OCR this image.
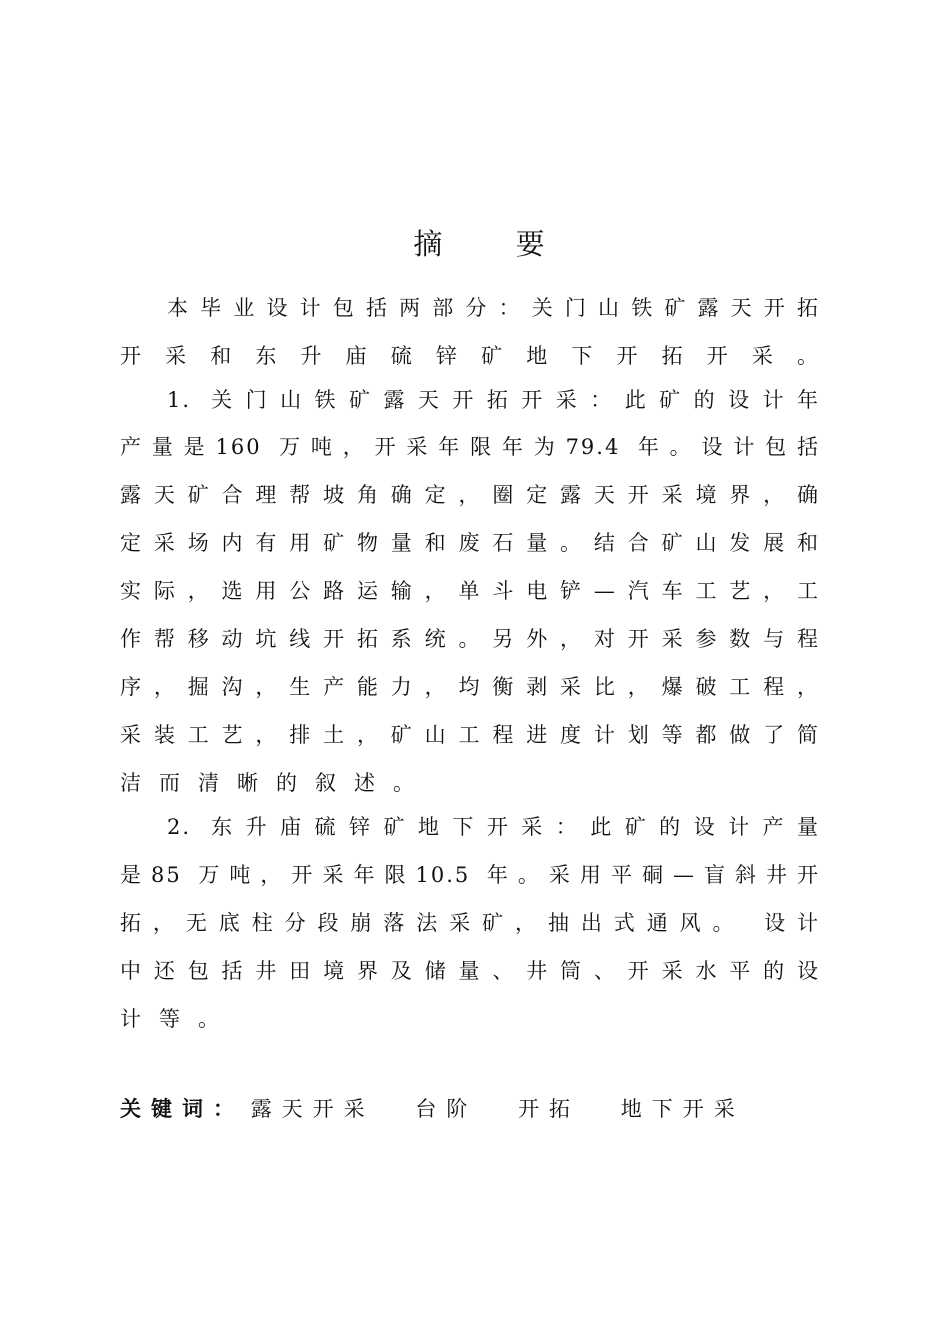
摘 要
本毕业设计包括两部分：关门山铁矿露天开拓
开采和东升庙硫锌矿地下开拓开采。
1. 关门山铁矿露天开拓开采：此矿的设计年
产量是160 万吨，开采年限年为79.4 年。设计包括
露天矿合理帮坡角确定，圈定露天开采境界，确
定采场内有用矿物量和废石量。结合矿山发展和
实际，选用公路运输，单斗电铲—汽车工艺，工
作帮移动坑线开拓系统。另外，对开采参数与程
序，掘沟，生产能力，均衡剥采比，爆破工程，
采装工艺，排土，矿山工程进度计划等都做了简
洁而清晰的叙述。
2. 东升庙硫锌矿地下开采：此矿的设计产量
是85 万吨，开采年限10.5 年。采用平硐—盲斜井开
拓，无底柱分段崩落法采矿，抽出式通风。 设计
中还包括井田境界及储量、井筒、开采水平的设
计等。
关键词： 露天开采 台阶 开拓 地下开采
